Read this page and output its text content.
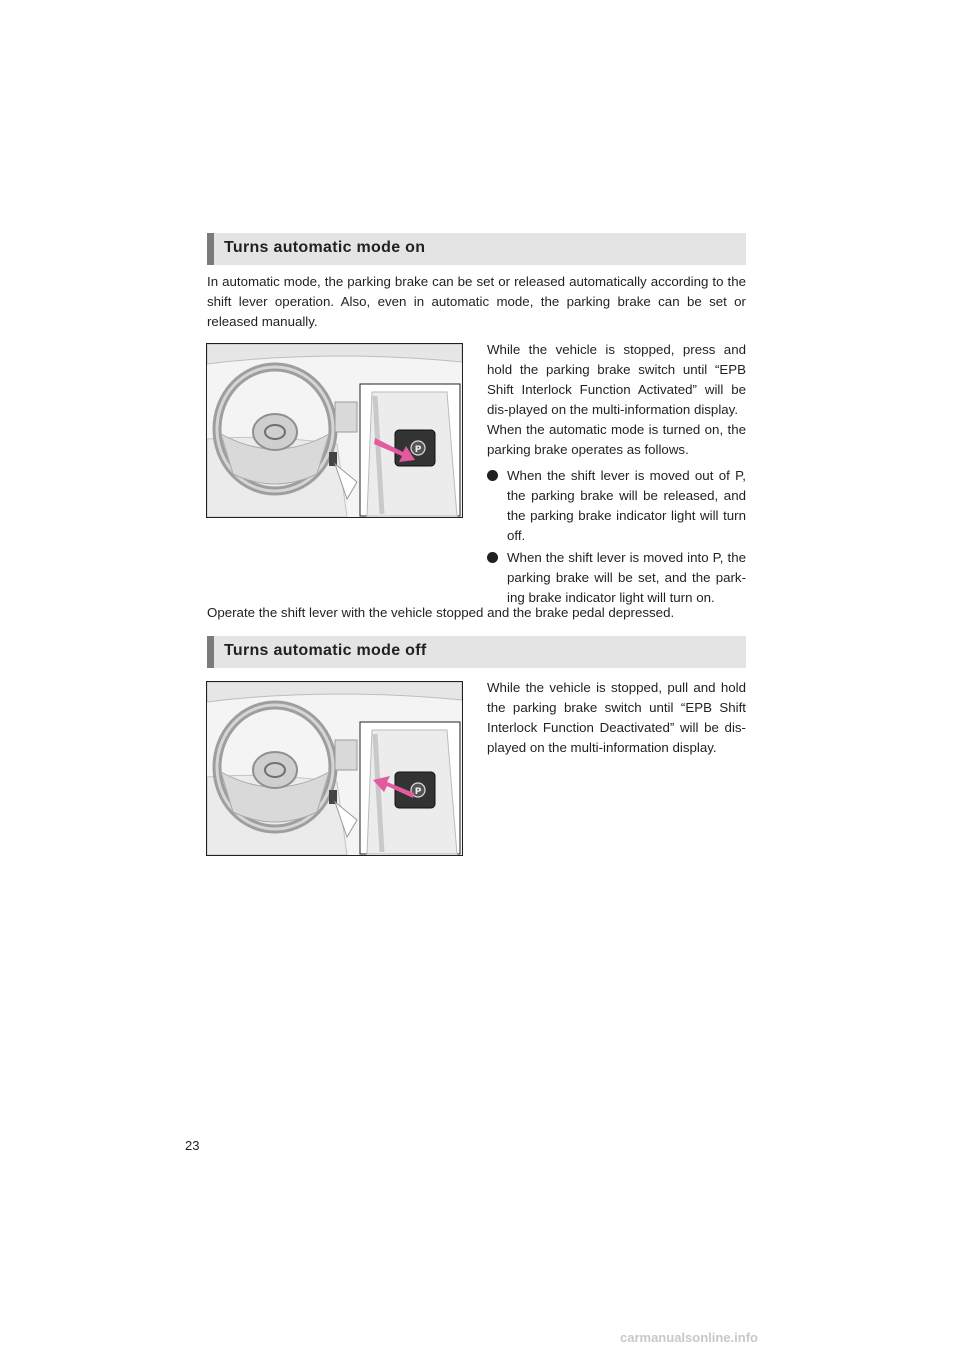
Turns automatic mode on

In automatic mode, the parking brake can be set or released automatically according to the shift lever operation. Also, even in automatic mode, the parking brake can be set or released manually.

P

While the vehicle is stopped, press and hold the parking brake switch until “EPB Shift Interlock Function Activated” will be dis-played on the multi-information display.

When the automatic mode is turned on, the parking brake operates as follows.

When the shift lever is moved out of P, the parking brake will be released, and the parking brake indicator light will turn off.
When the shift lever is moved into P, the parking brake will be set, and the park-ing brake indicator light will turn on.

Operate the shift lever with the vehicle stopped and the brake pedal depressed.

Turns automatic mode off
P

While the vehicle is stopped, pull and hold the parking brake switch until “EPB Shift Interlock Function Deactivated” will be dis-played on the multi-information display.

23
carmanualsonline.info
